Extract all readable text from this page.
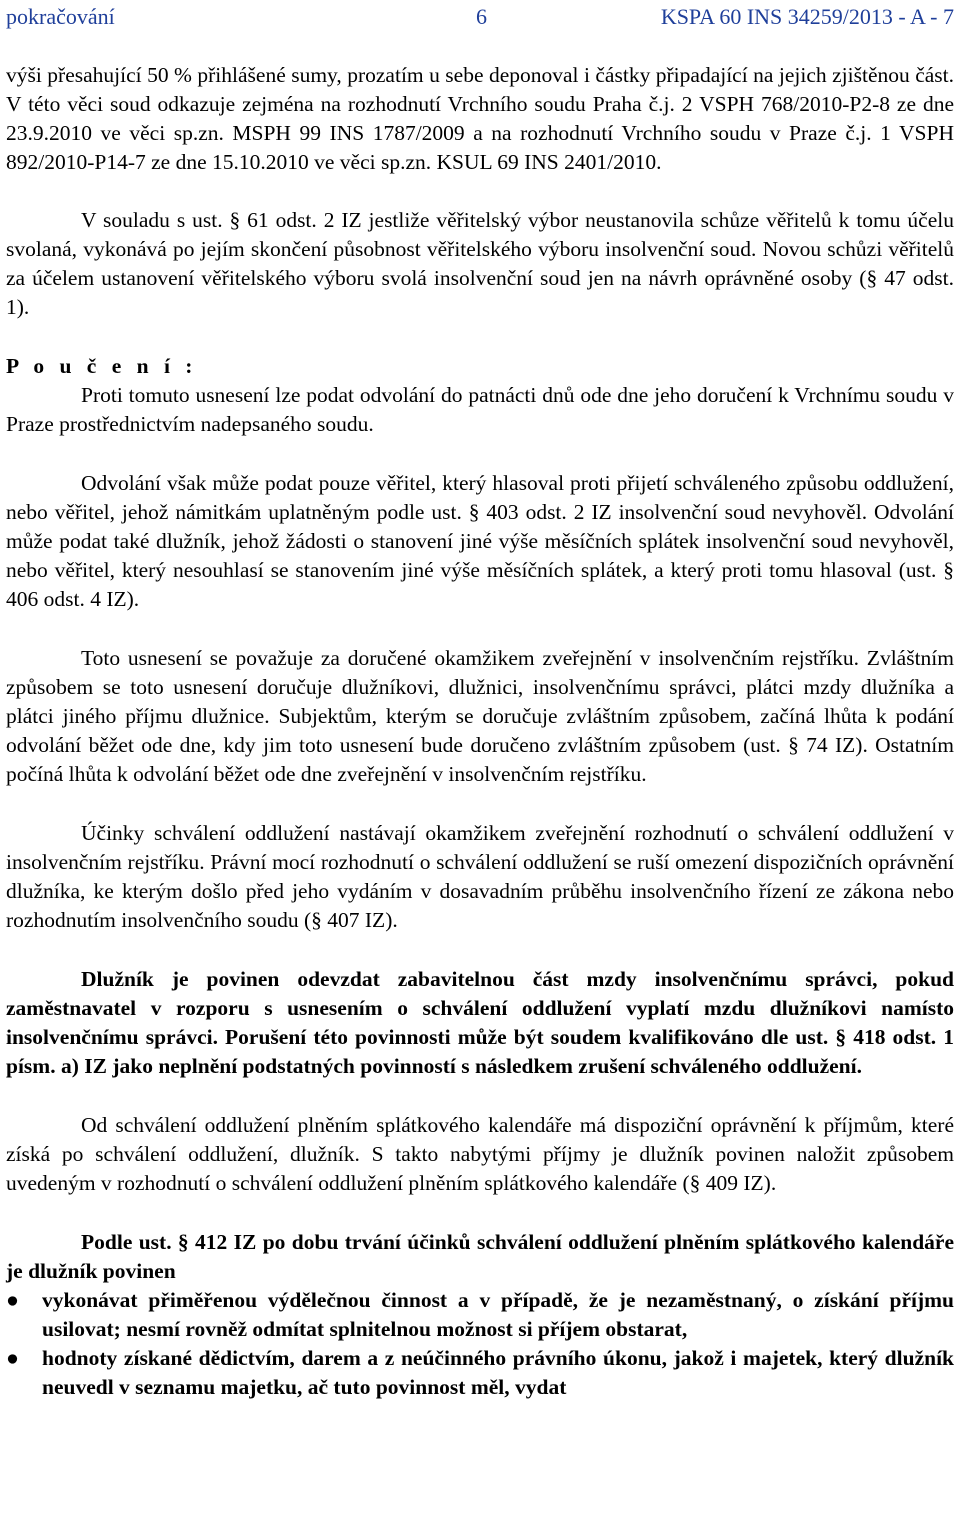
pokračování	6	KSPA 60 INS 34259/2013 - A - 7

výši přesahující 50 % přihlášené sumy, prozatím u sebe deponoval i částky připadající na jejich zjištěnou část. V této věci soud odkazuje zejména na rozhodnutí Vrchního soudu Praha č.j. 2 VSPH 768/2010-P2-8 ze dne 23.9.2010 ve věci sp.zn. MSPH 99 INS 1787/2009 a na rozhodnutí Vrchního soudu v Praze č.j. 1 VSPH 892/2010-P14-7 ze dne 15.10.2010 ve věci sp.zn. KSUL 69 INS 2401/2010.

V souladu s ust. § 61 odst. 2 IZ jestliže věřitelský výbor neustanovila schůze věřitelů k tomu účelu svolaná, vykonává po jejím skončení působnost věřitelského výboru insolvenční soud. Novou schůzi věřitelů za účelem ustanovení věřitelského výboru svolá insolvenční soud jen na návrh oprávněné osoby (§ 47 odst. 1).

P o u č e n í :

Proti tomuto usnesení lze podat odvolání do patnácti dnů ode dne jeho doručení k Vrchnímu soudu v Praze prostřednictvím nadepsaného soudu.

Odvolání však může podat pouze věřitel, který hlasoval proti přijetí schváleného způsobu oddlužení, nebo věřitel, jehož námitkám uplatněným podle ust. § 403 odst. 2 IZ insolvenční soud nevyhověl. Odvolání může podat také dlužník, jehož žádosti o stanovení jiné výše měsíčních splátek insolvenční soud nevyhověl, nebo věřitel, který nesouhlasí se stanovením jiné výše měsíčních splátek, a který proti tomu hlasoval (ust. § 406 odst. 4 IZ).

Toto usnesení se považuje za doručené okamžikem zveřejnění v insolvenčním rejstříku. Zvláštním způsobem se toto usnesení doručuje dlužníkovi, dlužnici, insolvenčnímu správci, plátci mzdy dlužníka a plátci jiného příjmu dlužnice. Subjektům, kterým se doručuje zvláštním způsobem, začíná lhůta k podání odvolání běžet ode dne, kdy jim toto usnesení bude doručeno zvláštním způsobem (ust. § 74 IZ). Ostatním počíná lhůta k odvolání běžet ode dne zveřejnění v insolvenčním rejstříku.

Účinky schválení oddlužení nastávají okamžikem zveřejnění rozhodnutí o schválení oddlužení v insolvenčním rejstříku. Právní mocí rozhodnutí o schválení oddlužení se ruší omezení dispozičních oprávnění dlužníka, ke kterým došlo před jeho vydáním v dosavadním průběhu insolvenčního řízení ze zákona nebo rozhodnutím insolvenčního soudu (§ 407 IZ).

Dlužník je povinen odevzdat zabavitelnou část mzdy insolvenčnímu správci, pokud zaměstnavatel v rozporu s usnesením o schválení oddlužení vyplatí mzdu dlužníkovi namísto insolvenčnímu správci. Porušení této povinnosti může být soudem kvalifikováno dle ust. § 418 odst. 1 písm. a) IZ jako neplnění podstatných povinností s následkem zrušení schváleného oddlužení.

Od schválení oddlužení plněním splátkového kalendáře má dispoziční oprávnění k příjmům, které získá po schválení oddlužení, dlužník. S takto nabytými příjmy je dlužník povinen naložit způsobem uvedeným v rozhodnutí o schválení oddlužení plněním splátkového kalendáře (§ 409 IZ).

Podle ust. § 412 IZ po dobu trvání účinků schválení oddlužení plněním splátkového kalendáře je dlužník povinen

● vykonávat přiměřenou výdělečnou činnost a v případě, že je nezaměstnaný, o získání příjmu usilovat; nesmí rovněž odmítat splnitelnou možnost si příjem obstarat,
● hodnoty získané dědictvím, darem a z neúčinného právního úkonu, jakož i majetek, který dlužník neuvedl v seznamu majetku, ač tuto povinnost měl, vydat
